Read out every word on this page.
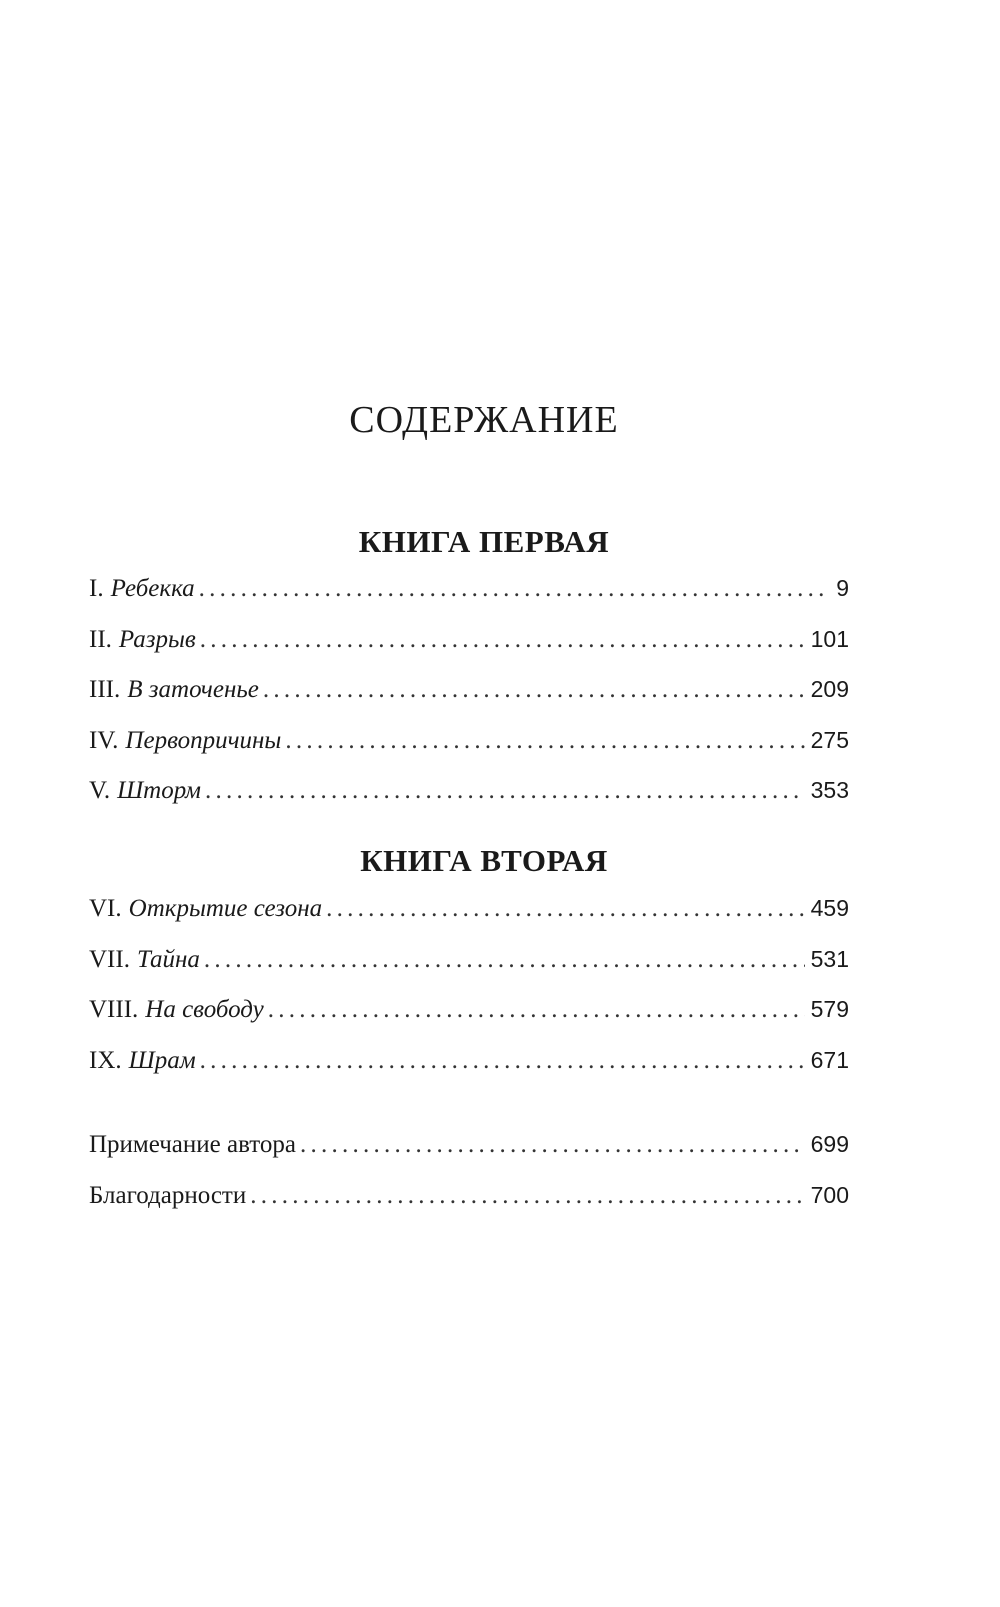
СОДЕРЖАНИЕ
КНИГА ПЕРВАЯ
I. Ребекка . . .	9
II. Разрыв . . .	101
III. В заточенье . . .	209
IV. Первопричины . . .	275
V. Шторм . . .	353
КНИГА ВТОРАЯ
VI. Открытие сезона . . .	459
VII. Тайна . . .	531
VIII. На свободу . . .	579
IX. Шрам . . .	671
Примечание автора . . .	699
Благодарности . . .	700
